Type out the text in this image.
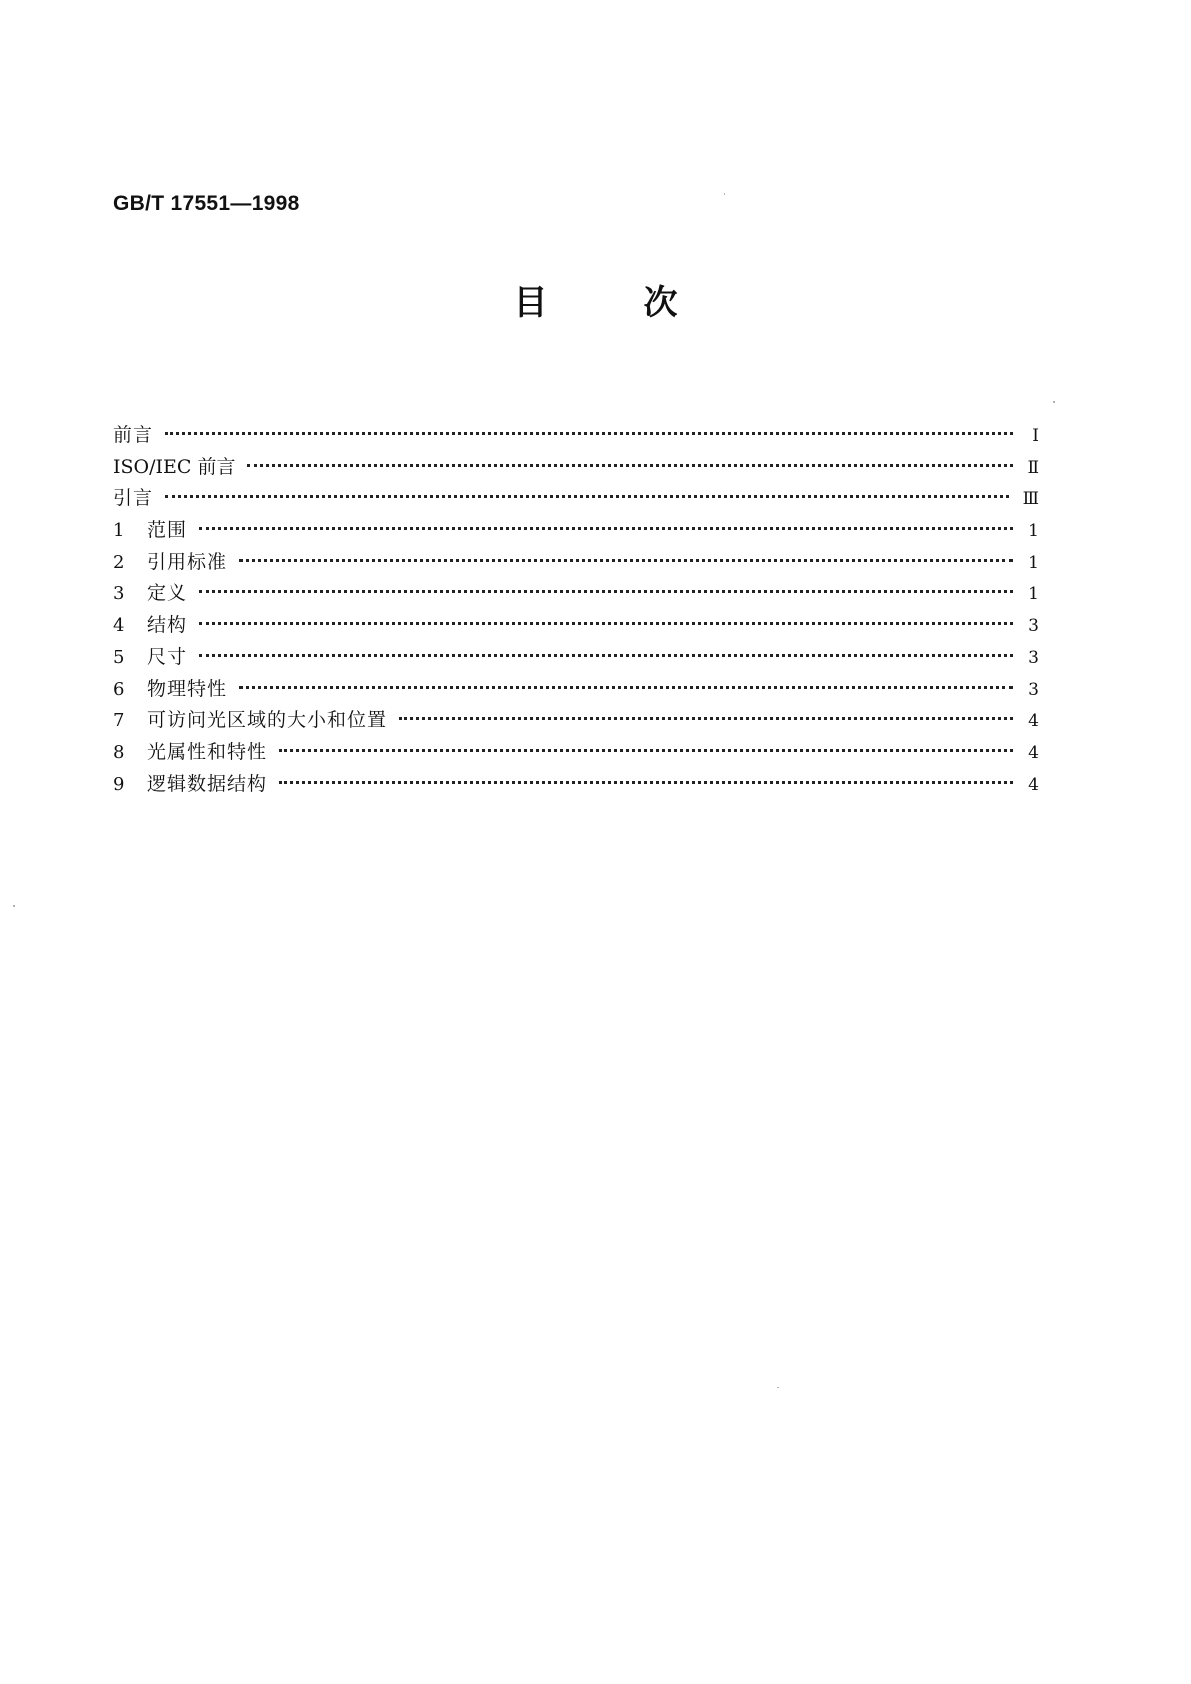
GB/T 17551—1998
目次
前言	I
ISO/IEC 前言	Ⅱ
引言	Ⅲ
1	范围	1
2	引用标准	1
3	定义	1
4	结构	3
5	尺寸	3
6	物理特性	3
7	可访问光区域的大小和位置	4
8	光属性和特性	4
9	逻辑数据结构	4
